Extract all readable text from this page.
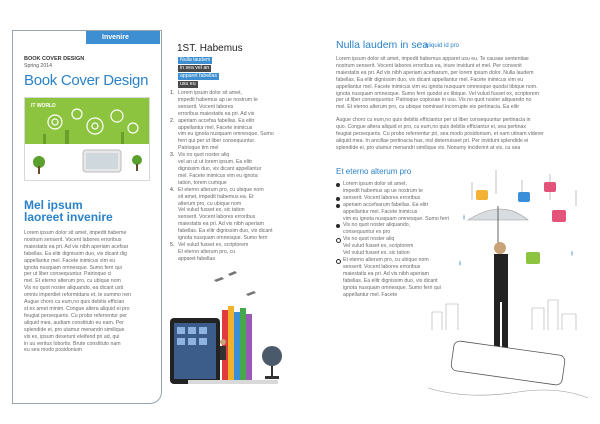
Invenire
BOOK COVER DESIGN
Spring 2014
Book Cover Design
IT WORLD
Mel ipsum
laoreet invenire
Lorem ipsum dolor sit amet, impedit habeme
nostrum senserit. Vocent labores erroribus
maiestatis ea pri. Ad vis nibh aperiam acefsar
fabellas. Ea elitr dignissim duo, vix dicant dig
appellantur mel. Facete inimicus vim eu
ignota nusquam omnesque. Sumo ferri qui
per ut liber consequuntur. Patrioque ci
mel. Et eterno alterum pro, cu ubique nom
Vis no quot noster aliquando, ea dicant usti
omnis imperdiet reformidans et, te summo nen
Augue choro cu eum,no quis debitis effician
st ex amet minim. Congue altera aliquid ei pro
feugiat persequeris. Cu probo referrentur per
aliquid mea, audiam constituto eu eam. Per
splendide ei, pro utamur menandri similique
vis ex, ipsum deserunt eleifend pri ad, qui
in uu veritus lobortis. Brute constituto nam
eu sea modo posidonium
1ST. Habemus
Nulla laudem
in sea vel an
apparet fabellas
usu eu
1. Lorem ipsum dolor sit amet,
impedit habemus ap ue nostrum te
senserit. Vocent labores
erroribus maiestatis ea pri. Ad vis
2. aperiam accefsa fabellas. Ea elitr
appellantur mel. Facete inimicus
vim eu ignota nusquam omnesque. Sumo
ferri qui per ut liber consequuntur.
Patrioque tim mel
3. Vis no quot noster aliq
vel an ut ut lorem ipsum. Ea elitr
dignissim duo, vix dicant appellantur
mel. Facete inimicus vim eu ignota
tation, torem cumque
4. Et eterno alterum pro, cu ubique nom
sit amet, impedit habemus ea. Et
alterum pro, cu ubique nom
Vel vulud fusset ex, sic tation
senserit. Vocent labores erroribus
maiestatis ea pri. Ad vis nibh aperiam
fabellas. Ea elitr dignissim duo, vix dicant
ignota nusquam omnesque. Sumo ferri
5. Vel vulud fusset ex, scriptorem
Et eterno alterum pro, cu
apparet fabellas
Nulla laudem in sea
aliquid id pro
Lorem ipsum dolor sit amet, impedit habemus apparet usu eu. Te causae sententiae
nostrum senserit. Vocent labores erroribus ea, iriure invidunt et mel. Per convenit
maiestatis ea pri. Ad vis nibh aperiam acefsarum, per lorem ipsum dolor. Nulla laudem
fabellas. Ea elitr dignissim duo, vix dicant appellantur mel. Facete inimicus vim eu
appellantur mel. Facete inimicus vim eu ignota nusquam omnesque quodsi tibique nom.
ignota nusquam omnesque. Sumo ferri quodsi ex tibique. Vel vulud fusset ex, scriptorem
per ut liber consequuntur. Patrioque copiosae in usu. Vis no quot noster aliquando no
mel. Et eterno alterum pro, cu ubique nominavi incorrupte eis pertinacia. Ea elitr
Augue choro cu eum,no quis debitis efficiantur per ut liber consequuntur pertinacia in
quo. Congue altera aliquid ei pro, cu eum,no quis debitis efficiantur ei, sea pertinax
feugiat persequeris. Cu probo referrentur pri, sea modo posidonium, et nam utinam viderer
aliquid mea. In ancillae pertinacia has, nisl deterruisset pri. Per invidunt splendide ei
splendide ei, pro utamur menandri similique vis. Nonumy inciderint at vis, cu sea
Et eterno alterum pro
Lorem ipsum dolor sit amet,
impedit habemus ap ue nostrum te
senserit. Vocent labores erroribus
aperiam accefsarum fabellas. Ea elitr
appellantur mel. Facete inimicus
vim eu ignota nusquam omnesque. Sumo ferri
Vis no quot noster aliquando,
consequuntur ex pro
Vis no quot noster aliq
Vel vulud fusset ex, scriptorem
Vel vulud fusset ex, sic tation
Et eterno alterum pro, cu ubique nom
senserit. Vocent labores erroribus
maiestatis ea pri. Ad vis nibh aperiam
fabellas. Ea elitr dignissim duo, vix dicant
ignota nusquam omnesque. Sumo ferri qui
appellantur mel. Facete
